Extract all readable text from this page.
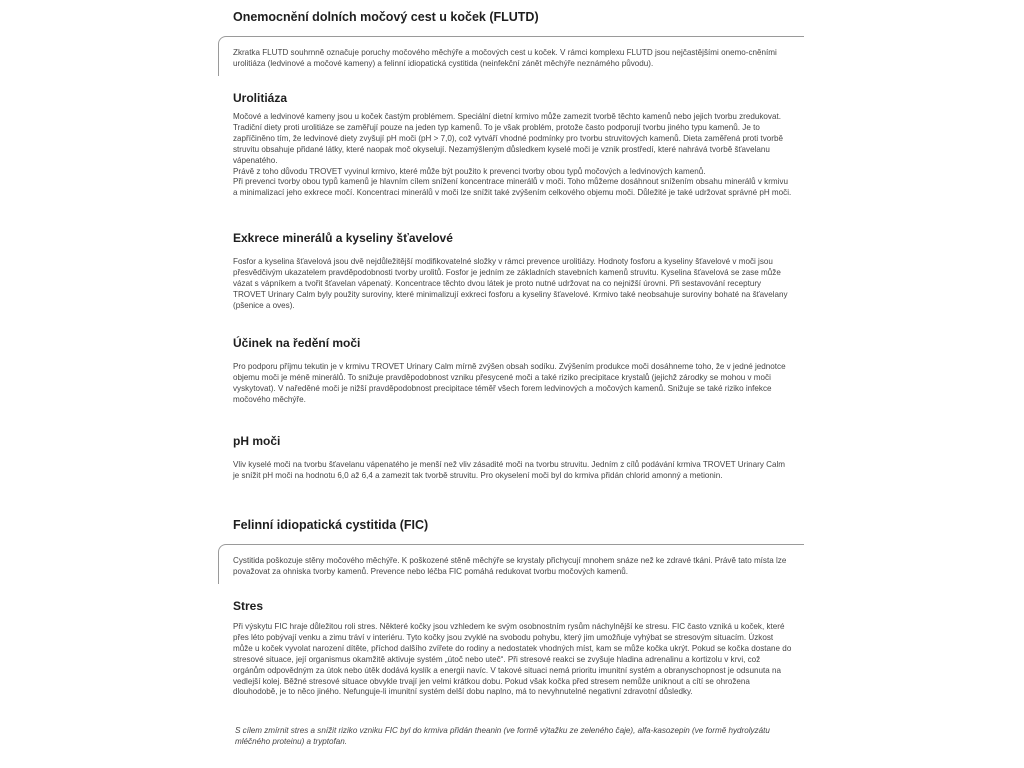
Onemocnění dolních močový cest u koček (FLUTD)

Zkratka FLUTD souhrnně označuje poruchy močového měchýře a močových cest u koček. V rámci komplexu FLUTD jsou nejčastějšími onemo-cněními urolitiáza (ledvinové a močové kameny) a felinní idiopatická cystitida (neinfekční zánět měchýře neznámého původu).

Urolitiáza

Močové a ledvinové kameny jsou u koček častým problémem. Speciální dietní krmivo může zamezit tvorbě těchto kamenů nebo jejich tvorbu zredukovat. Tradiční diety proti urolitiáze se zaměřují pouze na jeden typ kamenů. To je však problém, protože často podporují tvorbu jiného typu kamenů. Je to zapříčiněno tím, že ledvinové diety zvyšují pH moči (pH > 7,0), což vytváří vhodné podmínky pro tvorbu struvitových kamenů. Dieta zaměřená proti tvorbě struvitu obsahuje přidané látky, které naopak moč okyselují. Nezamýšleným důsledkem kyselé moči je vznik prostředí, které nahrává tvorbě šťavelanu vápenatého.

Právě z toho důvodu TROVET vyvinul krmivo, které může být použito k prevenci tvorby obou typů močových a ledvinových kamenů.

Při prevenci tvorby obou typů kamenů je hlavním cílem snížení koncentrace minerálů v moči. Toho můžeme dosáhnout snížením obsahu minerálů v krmivu a minimalizací jeho exkrece močí. Koncentraci minerálů v moči lze snížit také zvýšením celkového objemu moči. Důležité je také udržovat správné pH moči.

Exkrece minerálů a kyseliny šťavelové

Fosfor a kyselina šťavelová jsou dvě nejdůležitější modifikovatelné složky v rámci prevence urolitiázy. Hodnoty fosforu a kyseliny šťavelové v moči jsou přesvědčivým ukazatelem pravděpodobnosti tvorby urolitů. Fosfor je jedním ze základních stavebních kamenů struvitu. Kyselina šťavelová se zase může vázat s vápníkem a tvořit šťavelan vápenatý. Koncentrace těchto dvou látek je proto nutné udržovat na co nejnižší úrovni. Při sestavování receptury TROVET Urinary Calm byly použity suroviny, které minimalizují exkreci fosforu a kyseliny šťavelové. Krmivo také neobsahuje suroviny bohaté na šťavelany (pšenice a oves).

Účinek na ředění moči

Pro podporu příjmu tekutin je v krmivu TROVET Urinary Calm mírně zvýšen obsah sodíku. Zvýšením produkce moči dosáhneme toho, že v jedné jednotce objemu moči je méně minerálů. To snižuje pravděpodobnost vzniku přesycené moči a také riziko precipitace krystalů (jejichž zárodky se mohou v moči vyskytovat). V naředěné moči je nižší pravděpodobnost precipitace téměř všech forem ledvinových a močových kamenů. Snižuje se také riziko infekce močového měchýře.

pH moči

Vliv kyselé moči na tvorbu šťavelanu vápenatého je menší než vliv zásadité moči na tvorbu struvitu. Jedním z cílů podávání krmiva TROVET Urinary Calm je snížit pH moči na hodnotu 6,0 až 6,4 a zamezit tak tvorbě struvitu. Pro okyselení moči byl do krmiva přidán chlorid amonný a metionin.

Felinní idiopatická cystitida (FIC)

Cystitida poškozuje stěny močového měchýře. K poškozené stěně měchýře se krystaly přichycují mnohem snáze než ke zdravé tkáni. Právě tato místa lze považovat za ohniska tvorby kamenů. Prevence nebo léčba FIC pomáhá redukovat tvorbu močových kamenů.

Stres

Při výskytu FIC hraje důležitou roli stres. Některé kočky jsou vzhledem ke svým osobnostním rysům náchylnější ke stresu. FIC často vzniká u koček, které přes léto pobývají venku a zimu tráví v interiéru. Tyto kočky jsou zvyklé na svobodu pohybu, který jim umožňuje vyhýbat se stresovým situacím. Úzkost může u koček vyvolat narození dítěte, příchod dalšího zvířete do rodiny a nedostatek vhodných míst, kam se může kočka ukrýt. Pokud se kočka dostane do stresové situace, její organismus okamžitě aktivuje systém „útoč nebo uteč“. Při stresové reakci se zvyšuje hladina adrenalinu a kortizolu v krvi, což orgánům odpovědným za útok nebo útěk dodává kyslík a energii navíc. V takové situaci nemá prioritu imunitní systém a obranyschopnost je odsunuta na vedlejší kolej. Běžné stresové situace obvykle trvají jen velmi krátkou dobu. Pokud však kočka před stresem nemůže uniknout a cítí se ohrožena dlouhodobě, je to něco jiného. Nefunguje-li imunitní systém delší dobu naplno, má to nevyhnutelné negativní zdravotní důsledky.

S cílem zmírnit stres a snížit riziko vzniku FIC byl do krmiva přidán theanin (ve formě výtažku ze zeleného čaje), alfa-kasozepin (ve formě hydrolyzátu mléčného proteinu) a tryptofan.
